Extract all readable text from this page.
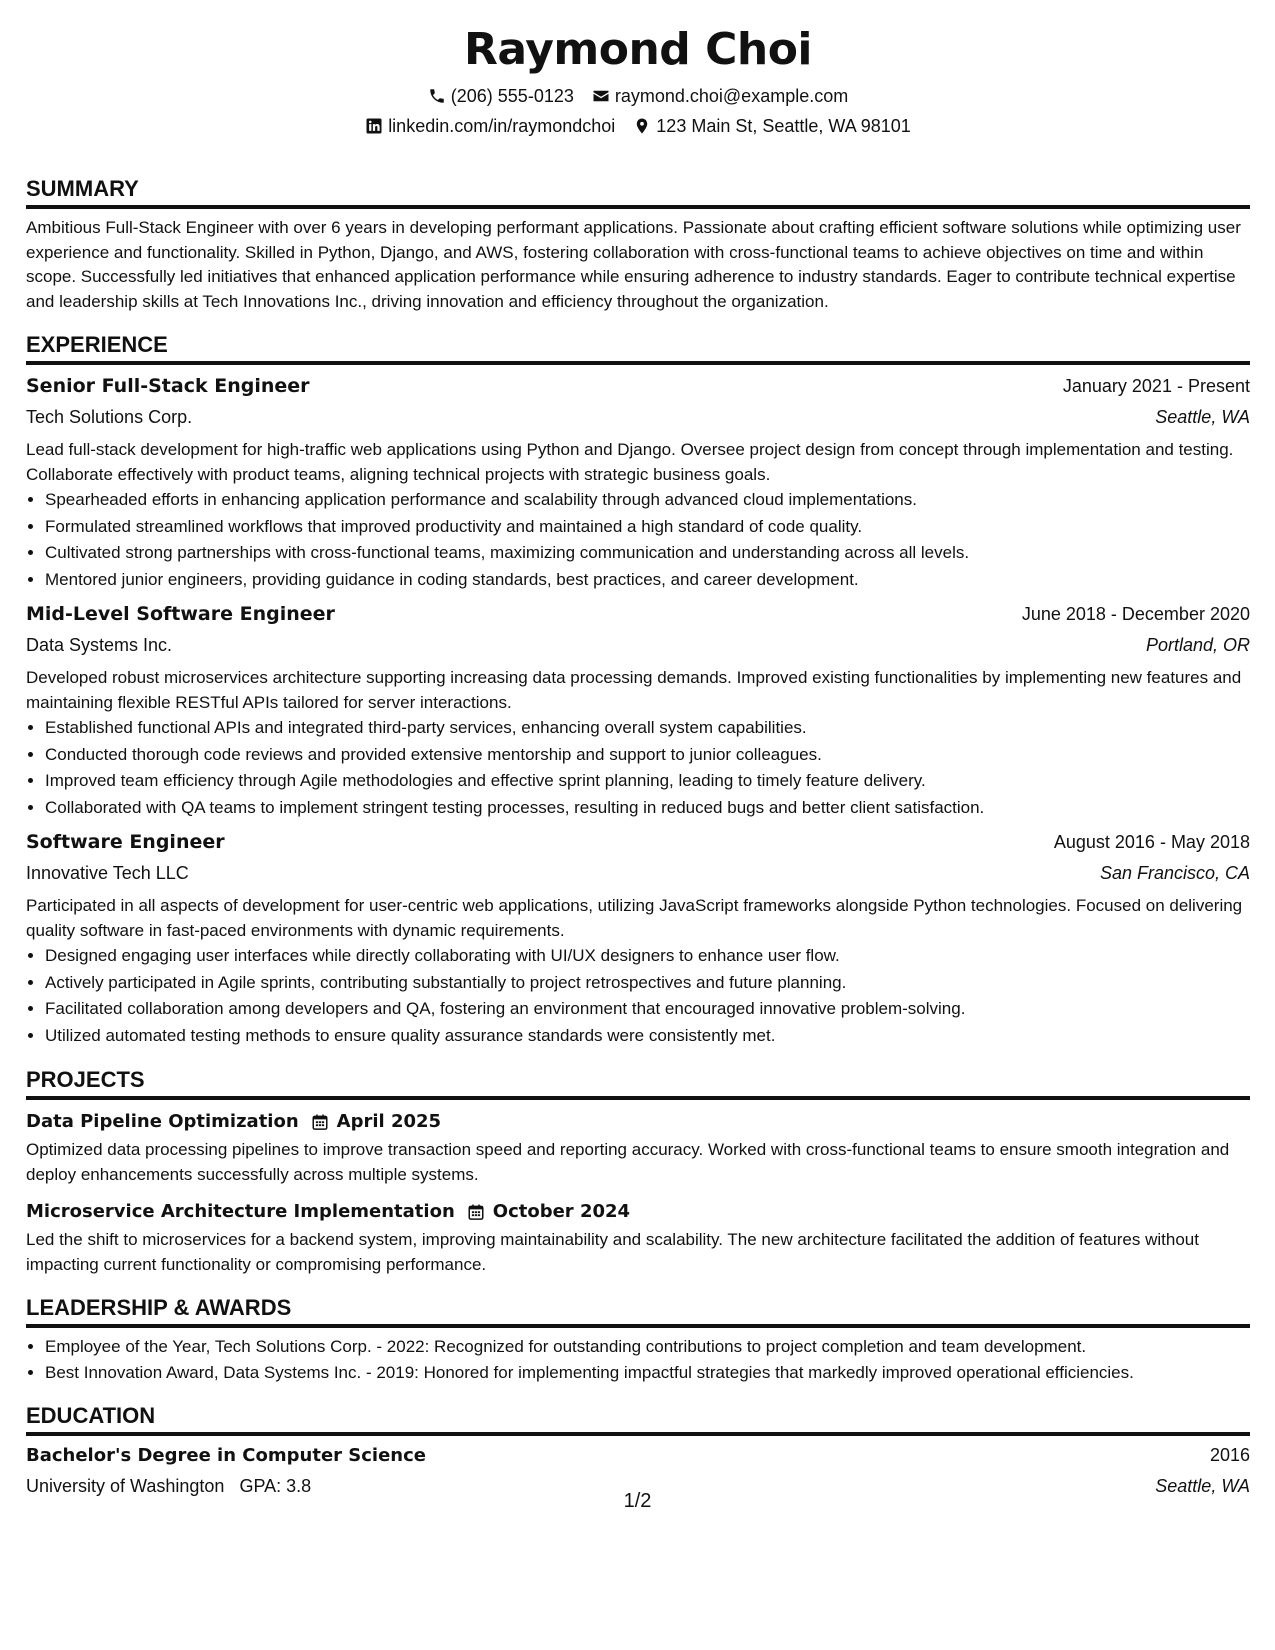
Raymond Choi
(206) 555-0123 raymond.choi@example.com
linkedin.com/in/raymondchoi 123 Main St, Seattle, WA 98101
SUMMARY
Ambitious Full-Stack Engineer with over 6 years in developing performant applications. Passionate about crafting efficient software solutions while optimizing user experience and functionality. Skilled in Python, Django, and AWS, fostering collaboration with cross-functional teams to achieve objectives on time and within scope. Successfully led initiatives that enhanced application performance while ensuring adherence to industry standards. Eager to contribute technical expertise and leadership skills at Tech Innovations Inc., driving innovation and efficiency throughout the organization.
EXPERIENCE
Senior Full-Stack Engineer	January 2021 - Present
Tech Solutions Corp.	Seattle, WA
Lead full-stack development for high-traffic web applications using Python and Django. Oversee project design from concept through implementation and testing. Collaborate effectively with product teams, aligning technical projects with strategic business goals.
• Spearheaded efforts in enhancing application performance and scalability through advanced cloud implementations.
• Formulated streamlined workflows that improved productivity and maintained a high standard of code quality.
• Cultivated strong partnerships with cross-functional teams, maximizing communication and understanding across all levels.
• Mentored junior engineers, providing guidance in coding standards, best practices, and career development.
Mid-Level Software Engineer	June 2018 - December 2020
Data Systems Inc.	Portland, OR
Developed robust microservices architecture supporting increasing data processing demands. Improved existing functionalities by implementing new features and maintaining flexible RESTful APIs tailored for server interactions.
• Established functional APIs and integrated third-party services, enhancing overall system capabilities.
• Conducted thorough code reviews and provided extensive mentorship and support to junior colleagues.
• Improved team efficiency through Agile methodologies and effective sprint planning, leading to timely feature delivery.
• Collaborated with QA teams to implement stringent testing processes, resulting in reduced bugs and better client satisfaction.
Software Engineer	August 2016 - May 2018
Innovative Tech LLC	San Francisco, CA
Participated in all aspects of development for user-centric web applications, utilizing JavaScript frameworks alongside Python technologies. Focused on delivering quality software in fast-paced environments with dynamic requirements.
• Designed engaging user interfaces while directly collaborating with UI/UX designers to enhance user flow.
• Actively participated in Agile sprints, contributing substantially to project retrospectives and future planning.
• Facilitated collaboration among developers and QA, fostering an environment that encouraged innovative problem-solving.
• Utilized automated testing methods to ensure quality assurance standards were consistently met.
PROJECTS
Data Pipeline Optimization April 2025
Optimized data processing pipelines to improve transaction speed and reporting accuracy. Worked with cross-functional teams to ensure smooth integration and deploy enhancements successfully across multiple systems.
Microservice Architecture Implementation October 2024
Led the shift to microservices for a backend system, improving maintainability and scalability. The new architecture facilitated the addition of features without impacting current functionality or compromising performance.
LEADERSHIP & AWARDS
• Employee of the Year, Tech Solutions Corp. - 2022: Recognized for outstanding contributions to project completion and team development.
• Best Innovation Award, Data Systems Inc. - 2019: Honored for implementing impactful strategies that markedly improved operational efficiencies.
EDUCATION
Bachelor's Degree in Computer Science	2016
University of Washington GPA: 3.8	Seattle, WA
1/2
